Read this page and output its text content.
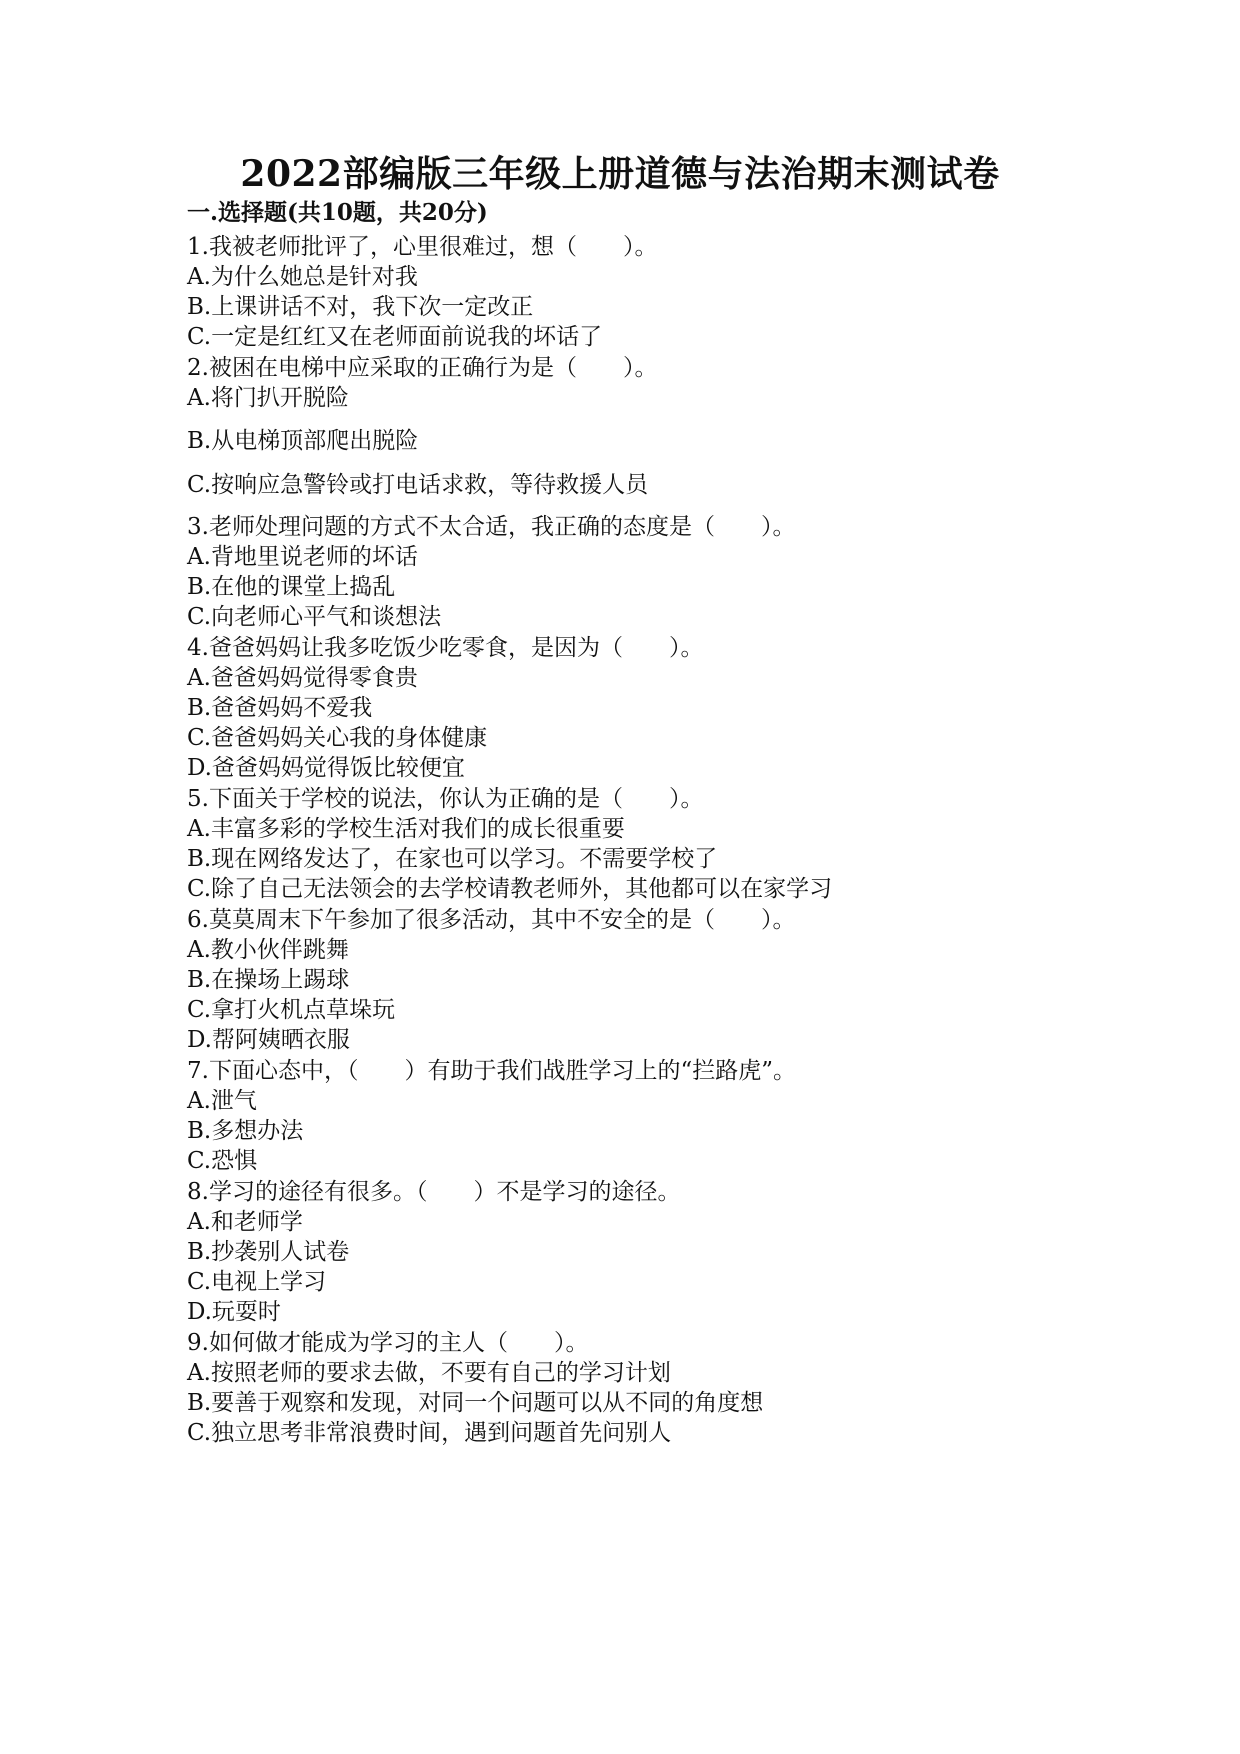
2022部编版三年级上册道德与法治期末测试卷
一.选择题(共10题，共20分)
1.我被老师批评了，心里很难过，想（　　）。
A.为什么她总是针对我
B.上课讲话不对，我下次一定改正
C.一定是红红又在老师面前说我的坏话了
2.被困在电梯中应采取的正确行为是（　　）。
A.将门扒开脱险
B.从电梯顶部爬出脱险
C.按响应急警铃或打电话求救，等待救援人员
3.老师处理问题的方式不太合适，我正确的态度是（　　）。
A.背地里说老师的坏话
B.在他的课堂上捣乱
C.向老师心平气和谈想法
4.爸爸妈妈让我多吃饭少吃零食，是因为（　　）。
A.爸爸妈妈觉得零食贵
B.爸爸妈妈不爱我
C.爸爸妈妈关心我的身体健康
D.爸爸妈妈觉得饭比较便宜
5.下面关于学校的说法，你认为正确的是（　　）。
A.丰富多彩的学校生活对我们的成长很重要
B.现在网络发达了，在家也可以学习。不需要学校了
C.除了自己无法领会的去学校请教老师外，其他都可以在家学习
6.莫莫周末下午参加了很多活动，其中不安全的是（　　）。
A.教小伙伴跳舞
B.在操场上踢球
C.拿打火机点草垛玩
D.帮阿姨晒衣服
7.下面心态中，（　　）有助于我们战胜学习上的“拦路虎”。
A.泄气
B.多想办法
C.恐惧
8.学习的途径有很多。（　　）不是学习的途径。
A.和老师学
B.抄袭别人试卷
C.电视上学习
D.玩耍时
9.如何做才能成为学习的主人（　　）。
A.按照老师的要求去做，不要有自己的学习计划
B.要善于观察和发现，对同一个问题可以从不同的角度想
C.独立思考非常浪费时间，遇到问题首先问别人
